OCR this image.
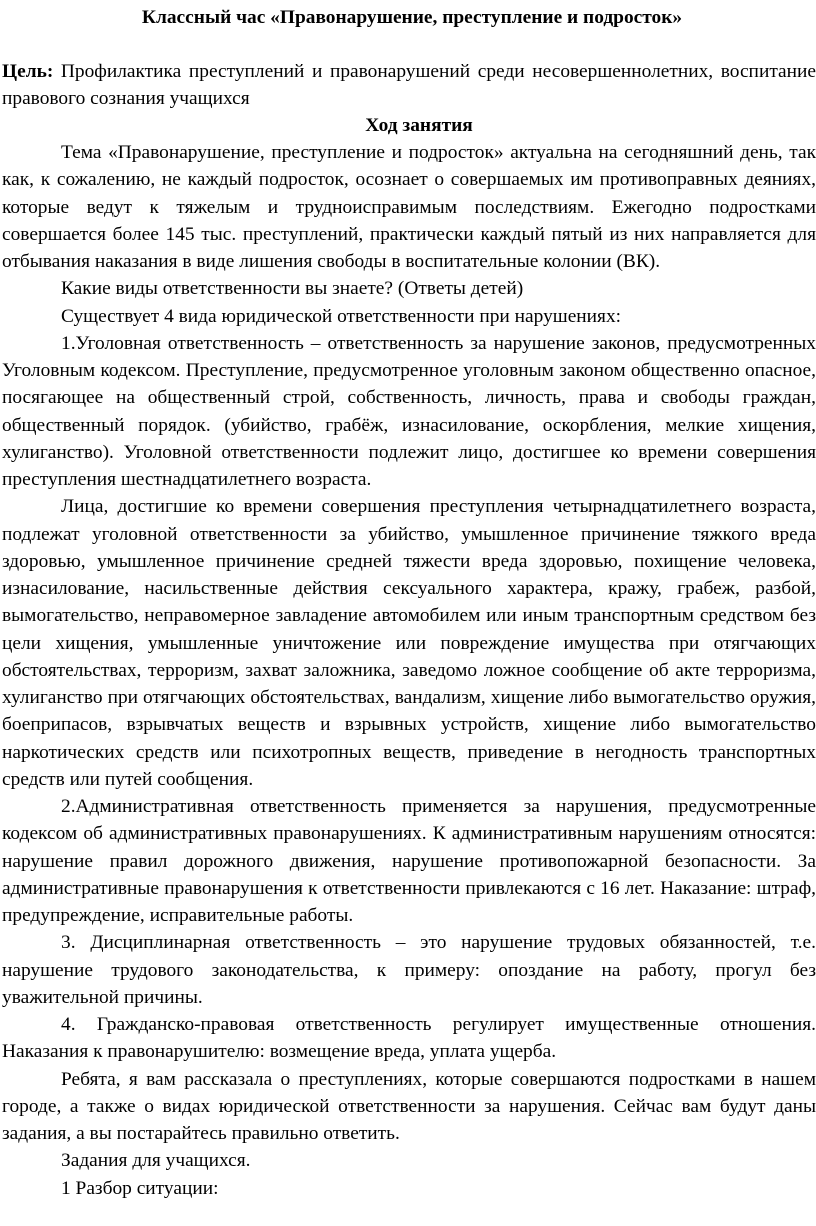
Классный час «Правонарушение, преступление и подросток»

Цель: Профилактика преступлений и правонарушений среди несовершеннолетних, воспитание правового сознания учащихся

Ход занятия

Тема «Правонарушение, преступление и подросток» актуальна на сегодняшний день, так как, к сожалению, не каждый подросток, осознает о совершаемых им противоправных деяниях, которые ведут к тяжелым и трудноисправимым последствиям. Ежегодно подростками совершается более 145 тыс. преступлений, практически каждый пятый из них направляется для отбывания наказания в виде лишения свободы в воспитательные колонии (ВК).

Какие виды ответственности вы знаете? (Ответы детей)

Существует 4 вида юридической ответственности при нарушениях:

1.Уголовная ответственность – ответственность за нарушение законов, предусмотренных Уголовным кодексом. Преступление, предусмотренное уголовным законом общественно опасное, посягающее на общественный строй, собственность, личность, права и свободы граждан, общественный порядок. (убийство, грабёж, изнасилование, оскорбления, мелкие хищения, хулиганство). Уголовной ответственности подлежит лицо, достигшее ко времени совершения преступления шестнадцатилетнего возраста.

Лица, достигшие ко времени совершения преступления четырнадцатилетнего возраста, подлежат уголовной ответственности за убийство, умышленное причинение тяжкого вреда здоровью, умышленное причинение средней тяжести вреда здоровью, похищение человека, изнасилование, насильственные действия сексуального характера, кражу, грабеж, разбой, вымогательство, неправомерное завладение автомобилем или иным транспортным средством без цели хищения, умышленные уничтожение или повреждение имущества при отягчающих обстоятельствах, терроризм, захват заложника, заведомо ложное сообщение об акте терроризма, хулиганство при отягчающих обстоятельствах, вандализм, хищение либо вымогательство оружия, боеприпасов, взрывчатых веществ и взрывных устройств, хищение либо вымогательство наркотических средств или психотропных веществ, приведение в негодность транспортных средств или путей сообщения.

2.Административная ответственность применяется за нарушения, предусмотренные кодексом об административных правонарушениях. К административным нарушениям относятся: нарушение правил дорожного движения, нарушение противопожарной безопасности. За административные правонарушения к ответственности привлекаются с 16 лет. Наказание: штраф, предупреждение, исправительные работы.

3. Дисциплинарная ответственность – это нарушение трудовых обязанностей, т.е. нарушение трудового законодательства, к примеру: опоздание на работу, прогул без уважительной причины.

4. Гражданско-правовая ответственность регулирует имущественные отношения. Наказания к правонарушителю: возмещение вреда, уплата ущерба.

Ребята, я вам рассказала о преступлениях, которые совершаются подростками в нашем городе, а также о видах юридической ответственности за нарушения. Сейчас вам будут даны задания, а вы постарайтесь правильно ответить.

Задания для учащихся.

1 Разбор ситуации:
